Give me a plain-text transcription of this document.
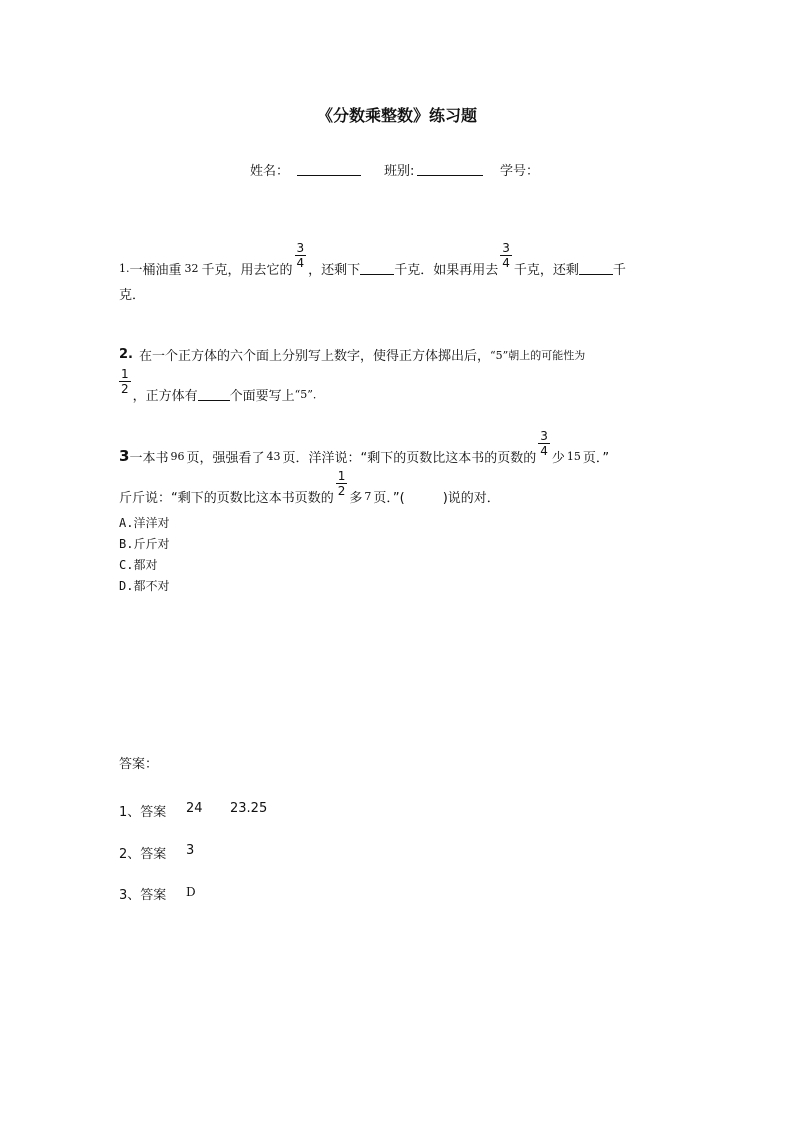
《分数乘整数》练习题
姓名：	班别:	学号：
1. 一桶油重 32 千克，用去它的
$\frac{3}{4}$
，还剩下	千克．如果再用去
$\frac{3}{4}$
千克，还剩	千
克．
2. 在一个正方体的六个面上分别写上数字，使得正方体掷出后， “5”朝上的可能性为
$\frac{1}{2}$
，正方体有 个面要写上 “5”．
3 一本书 96 页，强强看了 43 页．洋洋说：“剩下的页数比这本书的页数的
$\frac{3}{4}$
少 15 页．”
斤斤说：“剩下的页数比这本书页数的
$\frac{1}{2}$
多 7 页．”(	)说的对．
A.洋洋对
B.斤斤对
C.都对
D.都不对
答案：
1、答案 24 23.25
2、答案 3
3、答案 D
